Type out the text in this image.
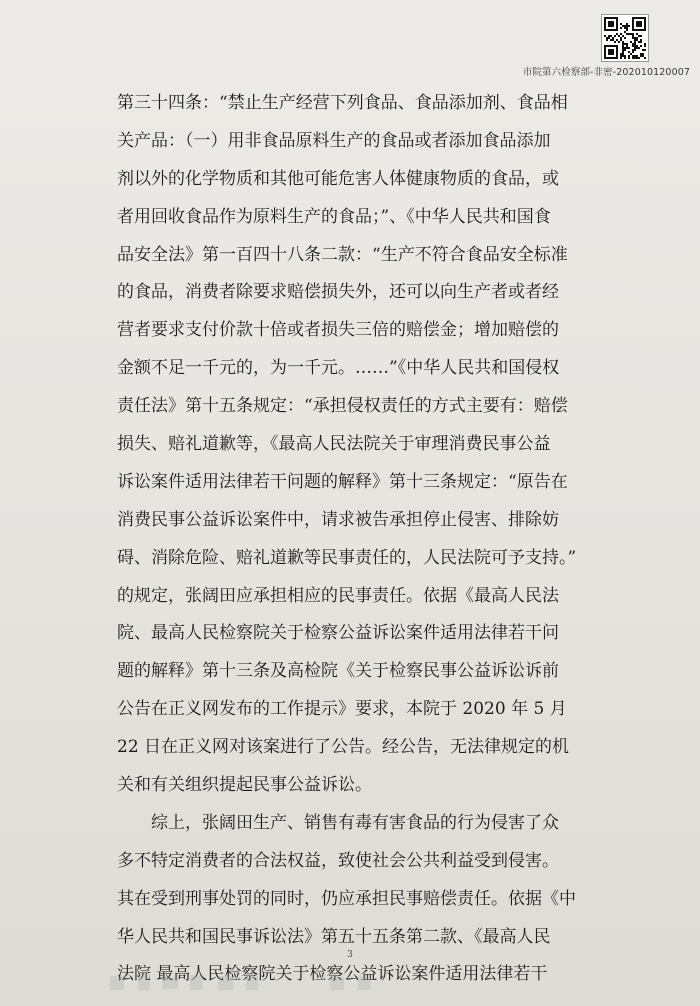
市院第六检察部-非密-202010120007
第三十四条：“禁止生产经营下列食品、食品添加剂、食品相
关产品：（一）用非食品原料生产的食品或者添加食品添加
剂以外的化学物质和其他可能危害人体健康物质的食品，或
者用回收食品作为原料生产的食品；”、《中华人民共和国食
品安全法》第一百四十八条二款：“生产不符合食品安全标准
的食品，消费者除要求赔偿损失外，还可以向生产者或者经
营者要求支付价款十倍或者损失三倍的赔偿金；增加赔偿的
金额不足一千元的，为一千元。……”《中华人民共和国侵权
责任法》第十五条规定：“承担侵权责任的方式主要有：赔偿
损失、赔礼道歉等，《最高人民法院关于审理消费民事公益
诉讼案件适用法律若干问题的解释》第十三条规定：“原告在
消费民事公益诉讼案件中，请求被告承担停止侵害、排除妨
碍、消除危险、赔礼道歉等民事责任的，人民法院可予支持。”
的规定，张阔田应承担相应的民事责任。依据《最高人民法
院、最高人民检察院关于检察公益诉讼案件适用法律若干问
题的解释》第十三条及高检院《关于检察民事公益诉讼诉前
公告在正义网发布的工作提示》要求，本院于 2020 年 5 月
22 日在正义网对该案进行了公告。经公告，无法律规定的机
关和有关组织提起民事公益诉讼。
　　综上，张阔田生产、销售有毒有害食品的行为侵害了众
多不特定消费者的合法权益，致使社会公共利益受到侵害。
其在受到刑事处罚的同时，仍应承担民事赔偿责任。依据《中
华人民共和国民事诉讼法》第五十五条第二款、《最高人民
法院 最高人民检察院关于检察公益诉讼案件适用法律若干
3
